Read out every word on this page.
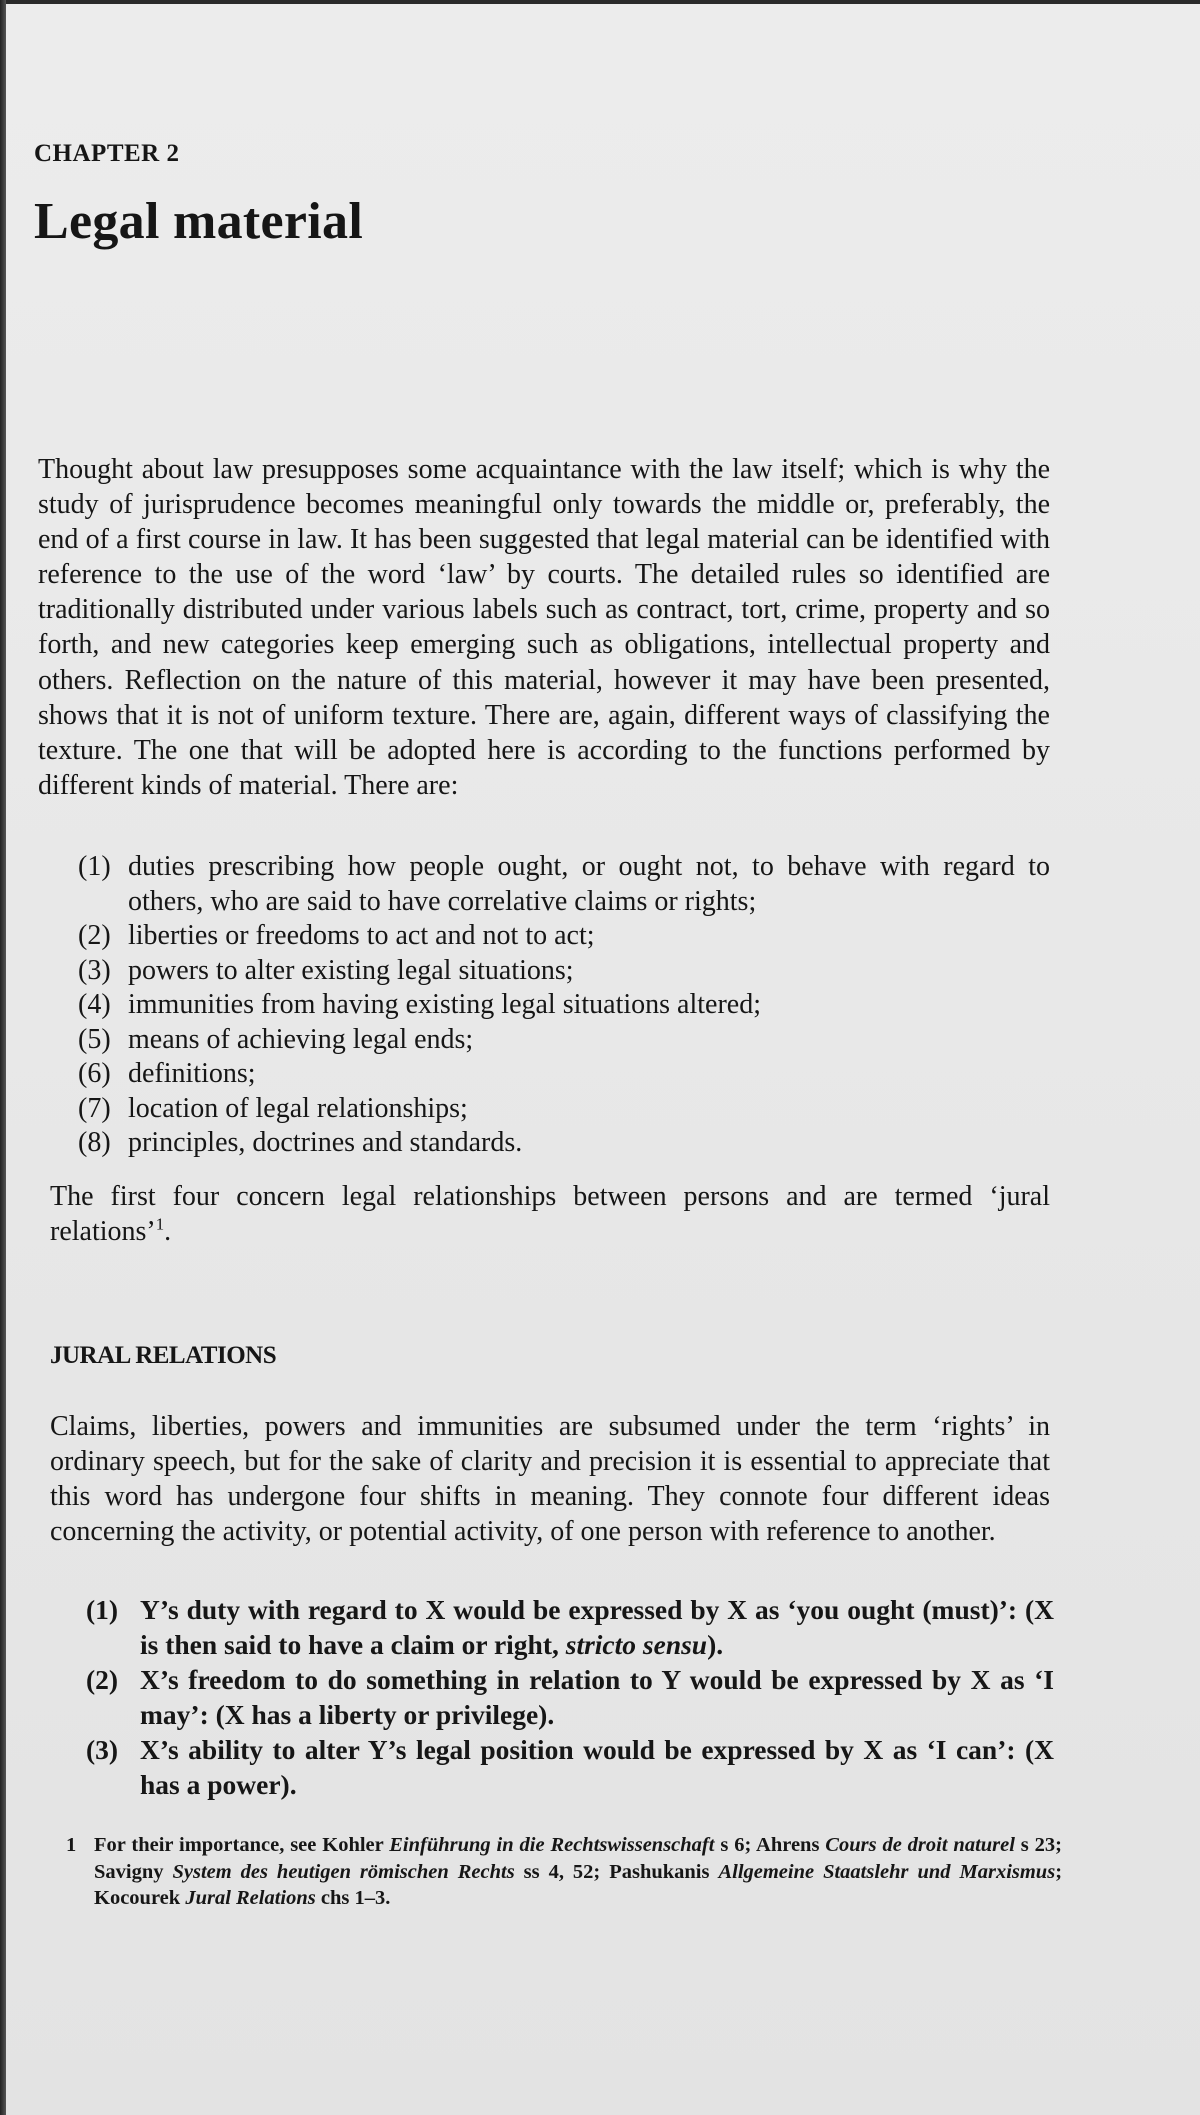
CHAPTER 2

Legal material

Thought about law presupposes some acquaintance with the law itself; which is why the study of jurisprudence becomes meaningful only towards the middle or, preferably, the end of a first course in law. It has been suggested that legal material can be identified with reference to the use of the word ‘law’ by courts. The detailed rules so identified are traditionally distributed under various labels such as contract, tort, crime, property and so forth, and new categories keep emerging such as obligations, intellectual property and others. Reflection on the nature of this material, however it may have been presented, shows that it is not of uniform texture. There are, again, different ways of classifying the texture. The one that will be adopted here is according to the functions performed by different kinds of material. There are:

(1) duties prescribing how people ought, or ought not, to behave with regard to others, who are said to have correlative claims or rights;
(2) liberties or freedoms to act and not to act;
(3) powers to alter existing legal situations;
(4) immunities from having existing legal situations altered;
(5) means of achieving legal ends;
(6) definitions;
(7) location of legal relationships;
(8) principles, doctrines and standards.

The first four concern legal relationships between persons and are termed ‘jural relations’$^1$.

JURAL RELATIONS

Claims, liberties, powers and immunities are subsumed under the term ‘rights’ in ordinary speech, but for the sake of clarity and precision it is essential to appreciate that this word has undergone four shifts in meaning. They connote four different ideas concerning the activity, or potential activity, of one person with reference to another.

(1) Y’s duty with regard to X would be expressed by X as ‘you ought (must)’: (X is then said to have a claim or right, stricto sensu).
(2) X’s freedom to do something in relation to Y would be expressed by X as ‘I may’: (X has a liberty or privilege).
(3) X’s ability to alter Y’s legal position would be expressed by X as ‘I can’: (X has a power).
1 For their importance, see Kohler Einführung in die Rechtswissenschaft s 6; Ahrens Cours de droit naturel s 23; Savigny System des heutigen römischen Rechts ss 4, 52; Pashukanis Allgemeine Staatslehr und Marxismus; Kocourek Jural Relations chs 1–3.
